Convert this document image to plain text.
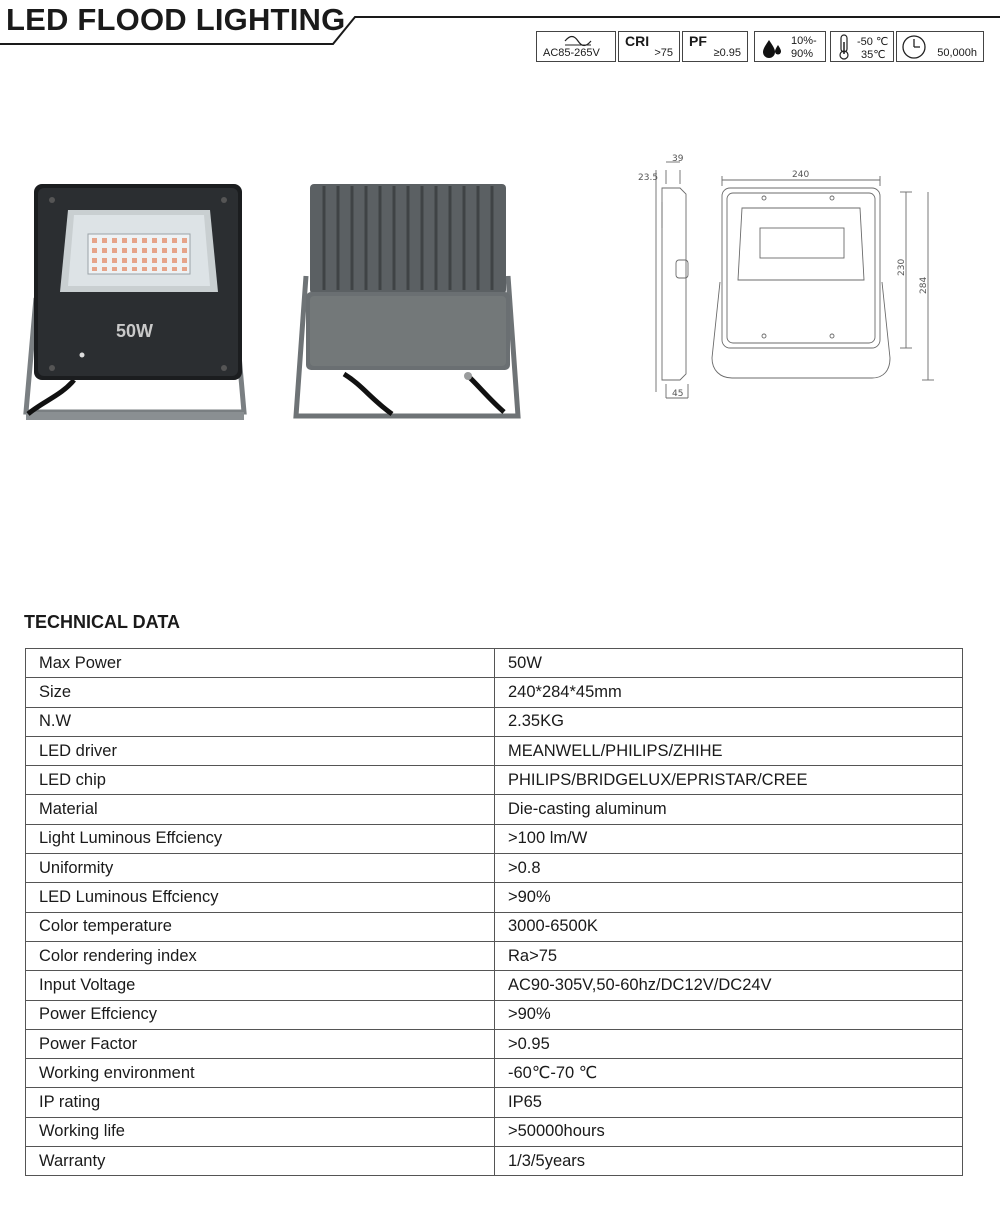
LED FLOOD LIGHTING
AC85-265V
CRI
>75
PF
≥0.95
10%-
90%
-50 ℃
35℃	50,000h
50W
39
23.5	240
230
284
45
TECHNICAL DATA
Max Power	50W
Size	240*284*45mm
N.W	2.35KG
LED driver	MEANWELL/PHILIPS/ZHIHE
LED chip	PHILIPS/BRIDGELUX/EPRISTAR/CREE
Material	Die-casting aluminum
Light Luminous Effciency	>100 lm/W
Uniformity	>0.8
LED Luminous Effciency	>90%
Color temperature	3000-6500K
Color rendering index	Ra>75
Input Voltage	AC90-305V,50-60hz/DC12V/DC24V
Power Effciency	>90%
Power Factor	>0.95
Working environment	-60℃-70 ℃
IP rating	IP65
Working life	>50000hours
Warranty	1/3/5years
